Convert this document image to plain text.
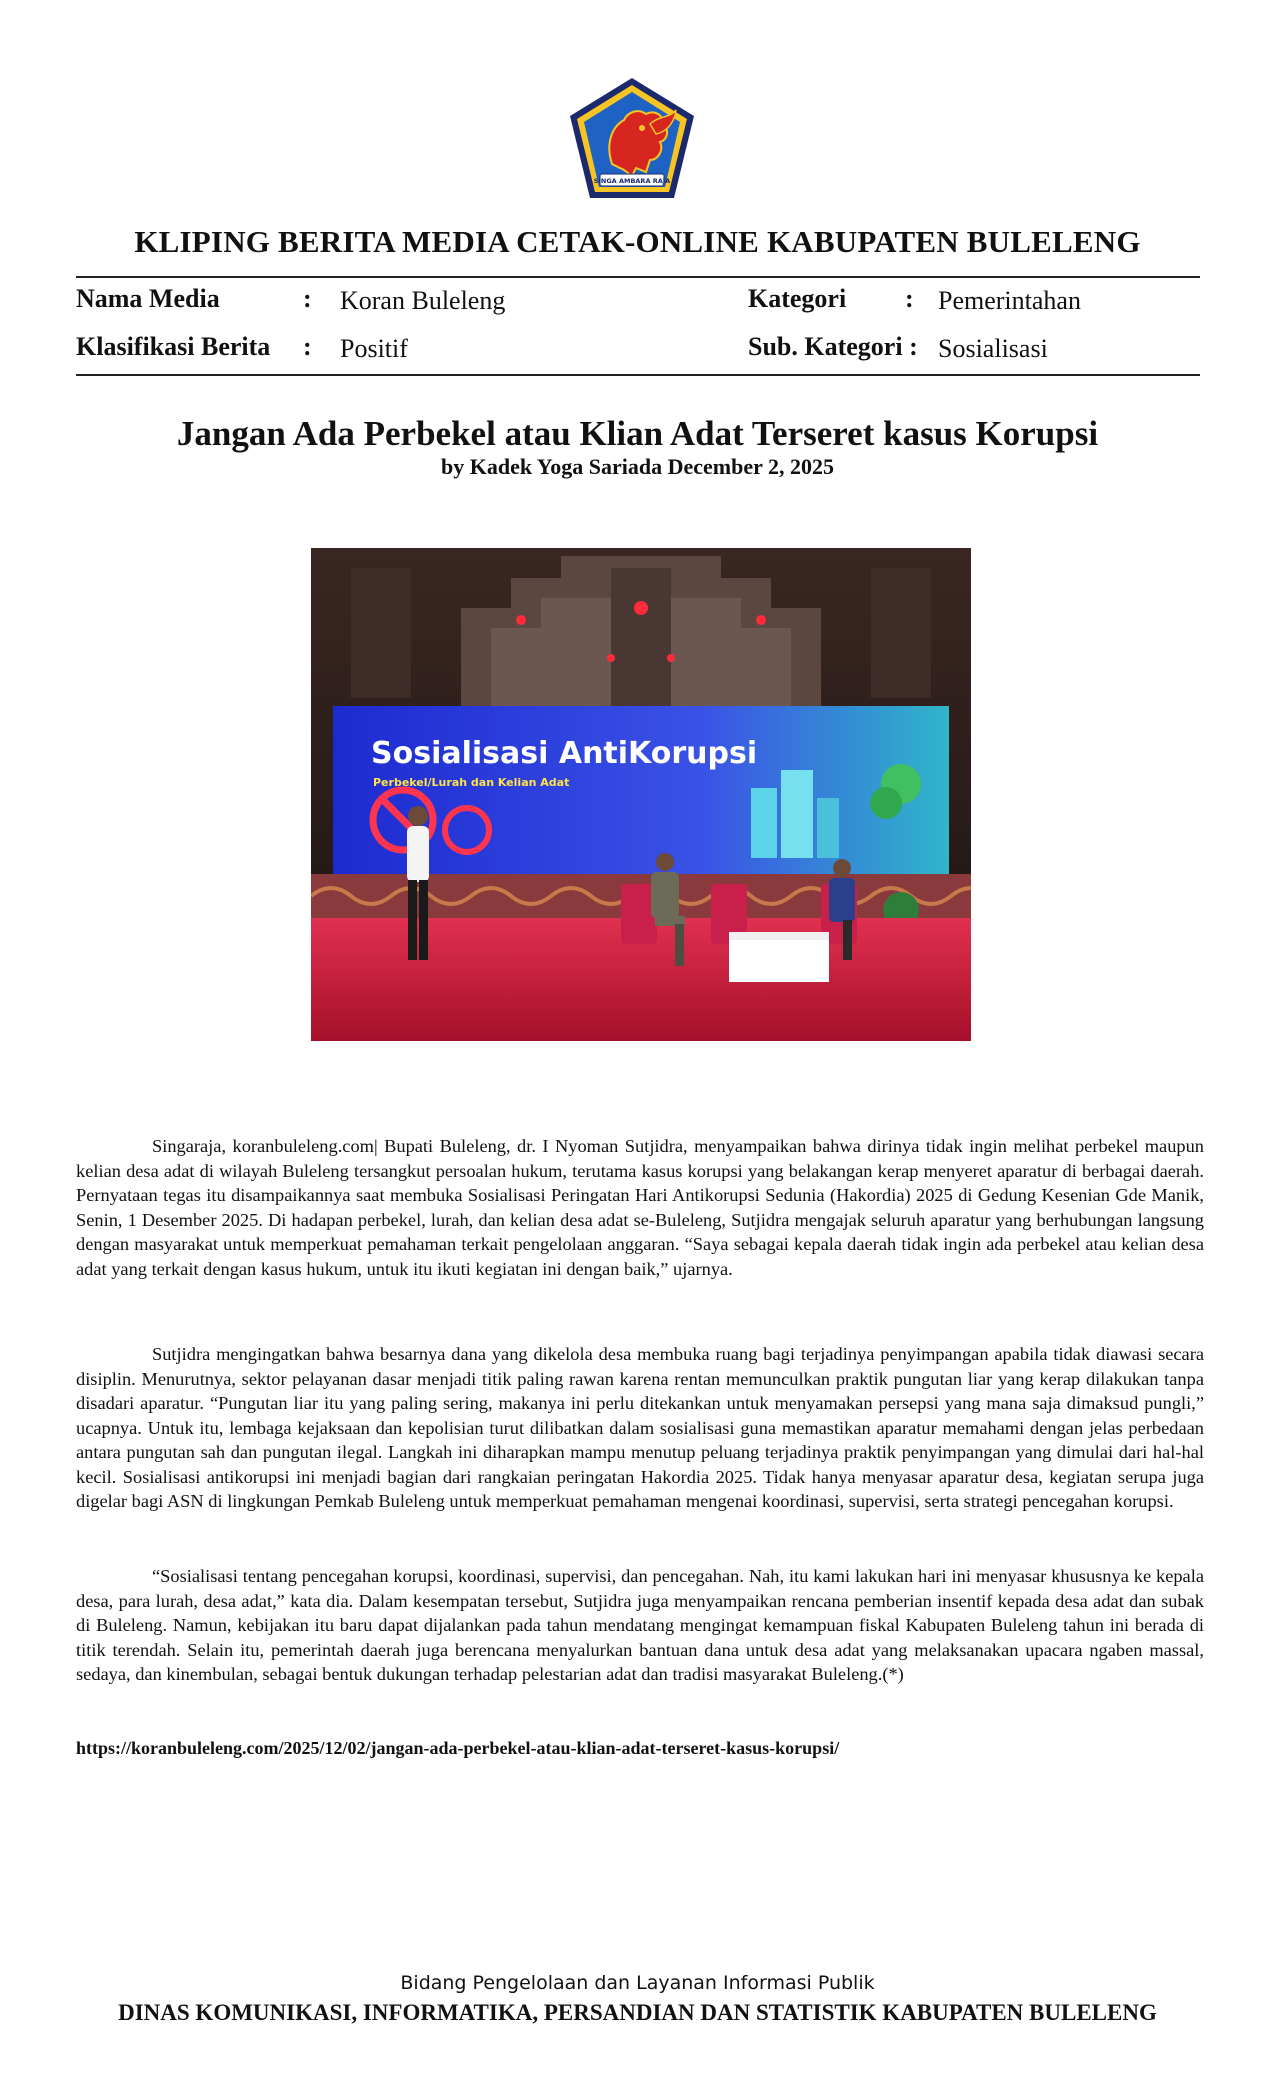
SINGA AMBARA RAJA
KLIPING BERITA MEDIA CETAK-ONLINE KABUPATEN BULELENG
Nama Media	: Koran Buleleng	Kategori : Pemerintahan
Klasifikasi Berita : Positif	Sub. Kategori : Sosialisasi
Jangan Ada Perbekel atau Klian Adat Terseret kasus Korupsi
by Kadek Yoga Sariada December 2, 2025
Sosialisasi AntiKorupsi
Perbekel/Lurah dan Kelian Adat

Singaraja, koranbuleleng.com| Bupati Buleleng, dr. I Nyoman Sutjidra, menyampaikan bahwa dirinya tidak ingin melihat perbekel maupun kelian desa adat di wilayah Buleleng tersangkut persoalan hukum, terutama kasus korupsi yang belakangan kerap menyeret aparatur di berbagai daerah. Pernyataan tegas itu disampaikannya saat membuka Sosialisasi Peringatan Hari Antikorupsi Sedunia (Hakordia) 2025 di Gedung Kesenian Gde Manik, Senin, 1 Desember 2025. Di hadapan perbekel, lurah, dan kelian desa adat se-Buleleng, Sutjidra mengajak seluruh aparatur yang berhubungan langsung dengan masyarakat untuk memperkuat pemahaman terkait pengelolaan anggaran. “Saya sebagai kepala daerah tidak ingin ada perbekel atau kelian desa adat yang terkait dengan kasus hukum, untuk itu ikuti kegiatan ini dengan baik,” ujarnya.

Sutjidra mengingatkan bahwa besarnya dana yang dikelola desa membuka ruang bagi terjadinya penyimpangan apabila tidak diawasi secara disiplin. Menurutnya, sektor pelayanan dasar menjadi titik paling rawan karena rentan memunculkan praktik pungutan liar yang kerap dilakukan tanpa disadari aparatur. “Pungutan liar itu yang paling sering, makanya ini perlu ditekankan untuk menyamakan persepsi yang mana saja dimaksud pungli,” ucapnya. Untuk itu, lembaga kejaksaan dan kepolisian turut dilibatkan dalam sosialisasi guna memastikan aparatur memahami dengan jelas perbedaan antara pungutan sah dan pungutan ilegal. Langkah ini diharapkan mampu menutup peluang terjadinya praktik penyimpangan yang dimulai dari hal-hal kecil. Sosialisasi antikorupsi ini menjadi bagian dari rangkaian peringatan Hakordia 2025. Tidak hanya menyasar aparatur desa, kegiatan serupa juga digelar bagi ASN di lingkungan Pemkab Buleleng untuk memperkuat pemahaman mengenai koordinasi, supervisi, serta strategi pencegahan korupsi.

“Sosialisasi tentang pencegahan korupsi, koordinasi, supervisi, dan pencegahan. Nah, itu kami lakukan hari ini menyasar khususnya ke kepala desa, para lurah, desa adat,” kata dia. Dalam kesempatan tersebut, Sutjidra juga menyampaikan rencana pemberian insentif kepada desa adat dan subak di Buleleng. Namun, kebijakan itu baru dapat dijalankan pada tahun mendatang mengingat kemampuan fiskal Kabupaten Buleleng tahun ini berada di titik terendah. Selain itu, pemerintah daerah juga berencana menyalurkan bantuan dana untuk desa adat yang melaksanakan upacara ngaben massal, sedaya, dan kinembulan, sebagai bentuk dukungan terhadap pelestarian adat dan tradisi masyarakat Buleleng.(*)

https://koranbuleleng.com/2025/12/02/jangan-ada-perbekel-atau-klian-adat-terseret-kasus-korupsi/
Bidang Pengelolaan dan Layanan Informasi Publik
DINAS KOMUNIKASI, INFORMATIKA, PERSANDIAN DAN STATISTIK KABUPATEN BULELENG
